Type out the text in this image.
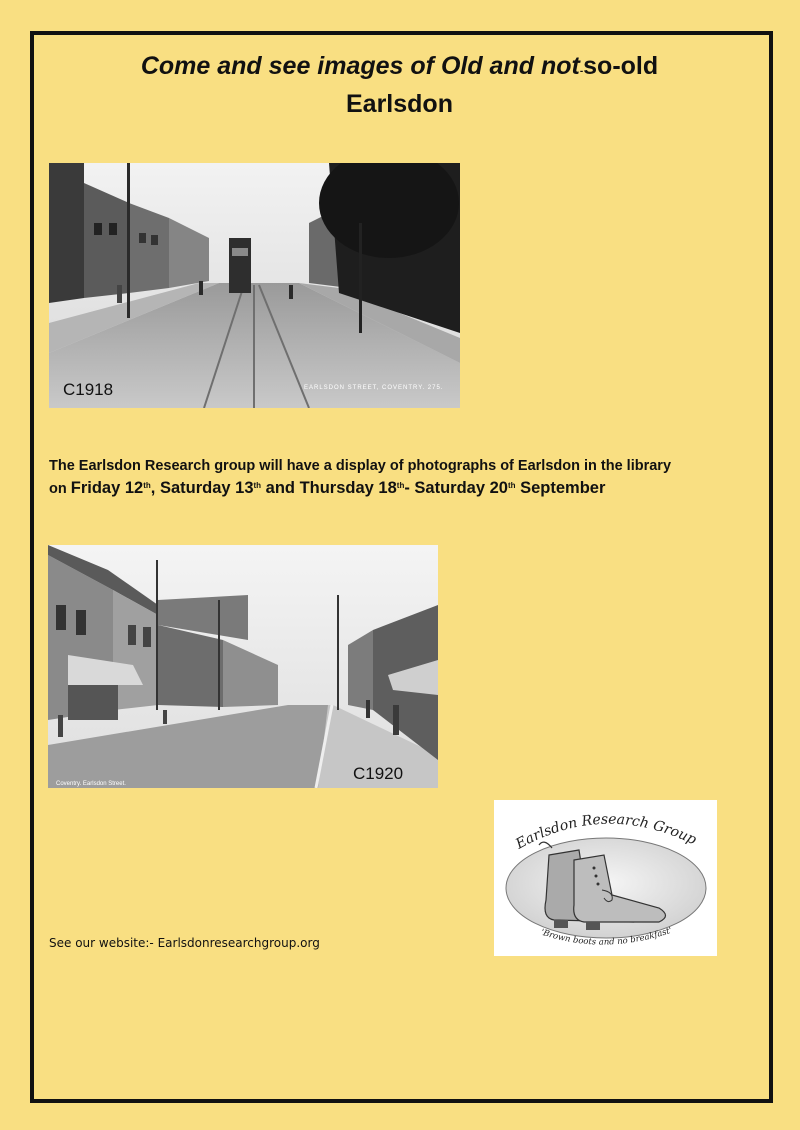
Come and see images of Old and not-so-old
Earlsdon
EARLSDON STREET, COVENTRY. 275.
C1918
The Earlsdon Research group will have a display of photographs of Earlsdon in the library
on Friday 12th, Saturday 13th and Thursday 18th- Saturday 20th September
Coventry. Earlsdon Street.
C1920
See our website:- Earlsdonresearchgroup.org
Earlsdon Research Group
'Brown boots and no breakfast'
